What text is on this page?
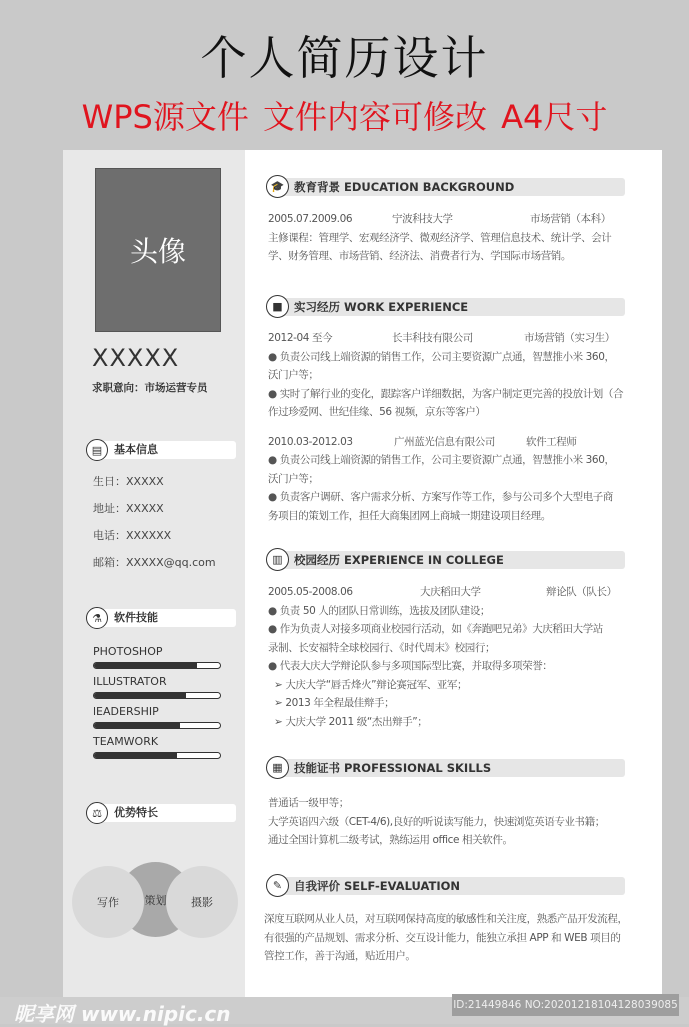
个人简历设计
WPS源文件 文件内容可修改 A4尺寸
头像
XXXXX
求职意向：市场运营专员
▤	基本信息
生日：XXXXX
地址：XXXXX
电话：XXXXXX
邮箱：XXXXX@qq.com
⚗	软件技能
PHOTOSHOP
ILLUSTRATOR
lEADERSHIP
TEAMWORK
⚖	优势特长
策划
写作	摄影
🎓 教育背景 EDUCATION BACKGROUND
2005.07.2009.06	宁波科技大学	市场营销（本科）
主修课程：管理学、宏观经济学、微观经济学、管理信息技术、统计学、会计
学、财务管理、市场营销、经济法、消费者行为、学国际市场营销。
■ 实习经历 WORK EXPERIENCE
2012-04 至今	长丰科技有限公司	市场营销（实习生）
● 负责公司线上端资源的销售工作，公司主要资源广点通，智慧推小米 360，
沃门户等；
● 实时了解行业的变化，跟踪客户详细数据，为客户制定更完善的投放计划（合
作过珍爱网、世纪佳缘、56 视频，京东等客户）
2010.03-2012.03	广州蓝光信息有限公司	软件工程师
● 负责公司线上端资源的销售工作，公司主要资源广点通，智慧推小米 360，
沃门户等；
● 负责客户调研、客户需求分析、方案写作等工作，参与公司多个大型电子商
务项目的策划工作，担任大商集团网上商城一期建设项目经理。
▥ 校园经历 EXPERIENCE IN COLLEGE
2005.05-2008.06	大庆稻田大学	辩论队（队长）
● 负责 50 人的团队日常训练，选拔及团队建设；
● 作为负责人对接多项商业校园行活动，如《奔跑吧兄弟》大庆稻田大学站
录制、长安福特全球校园行、《时代周末》校园行；
● 代表大庆大学辩论队参与多项国际型比赛，并取得多项荣誉：
➢ 大庆大学“唇舌烽火”辩论赛冠军、亚军；
➢ 2013 年全程最佳辩手；
➢ 大庆大学 2011 级“杰出辩手”；
▦ 技能证书 PROFESSIONAL SKILLS
普通话一级甲等；
大学英语四六级（CET-4/6),良好的听说读写能力，快速浏览英语专业书籍；
通过全国计算机二级考试，熟练运用 office 相关软件。
✎	自我评价 SELF-EVALUATION
深度互联网从业人员，对互联网保持高度的敏感性和关注度，熟悉产品开发流程，
有很强的产品规划、需求分析、交互设计能力，能独立承担 APP 和 WEB 项目的
管控工作，善于沟通，贴近用户。
昵享网 www.nipic.cn	ID:21449846 NO:20201218104128039085
